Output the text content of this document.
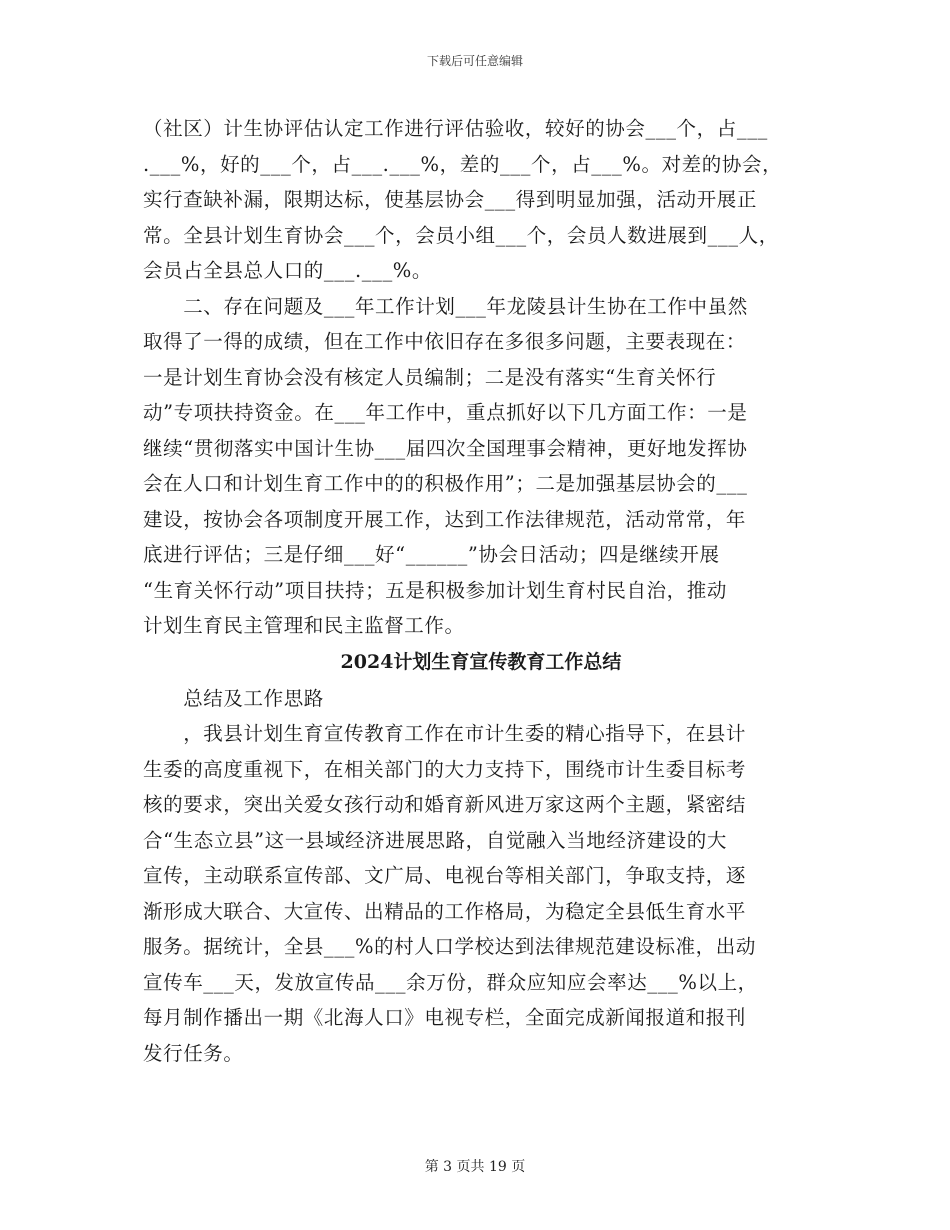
下载后可任意编辑
（社区）计生协评估认定工作进行评估验收，较好的协会___个，占___
.___%，好的___个，占___.___%，差的___个，占___%。对差的协会，
实行查缺补漏，限期达标，使基层协会___得到明显加强，活动开展正
常。全县计划生育协会___个，会员小组___个，会员人数进展到___人，
会员占全县总人口的___.___%。
　　二、存在问题及___年工作计划___年龙陵县计生协在工作中虽然
取得了一得的成绩，但在工作中依旧存在多很多问题，主要表现在：
一是计划生育协会没有核定人员编制；二是没有落实“生育关怀行
动”专项扶持资金。在___年工作中，重点抓好以下几方面工作：一是
继续“贯彻落实中国计生协___届四次全国理事会精神，更好地发挥协
会在人口和计划生育工作中的的积极作用”；二是加强基层协会的___
建设，按协会各项制度开展工作，达到工作法律规范，活动常常，年
底进行评估；三是仔细___好“______”协会日活动；四是继续开展
“生育关怀行动”项目扶持；五是积极参加计划生育村民自治，推动
计划生育民主管理和民主监督工作。
2024计划生育宣传教育工作总结
　　总结及工作思路
　　，我县计划生育宣传教育工作在市计生委的精心指导下，在县计
生委的高度重视下，在相关部门的大力支持下，围绕市计生委目标考
核的要求，突出关爱女孩行动和婚育新风进万家这两个主题，紧密结
合“生态立县”这一县域经济进展思路，自觉融入当地经济建设的大
宣传，主动联系宣传部、文广局、电视台等相关部门，争取支持，逐
渐形成大联合、大宣传、出精品的工作格局，为稳定全县低生育水平
服务。据统计，全县___%的村人口学校达到法律规范建设标准，出动
宣传车___天，发放宣传品___余万份，群众应知应会率达___%以上，
每月制作播出一期《北海人口》电视专栏，全面完成新闻报道和报刊
发行任务。
第 3 页共 19 页
